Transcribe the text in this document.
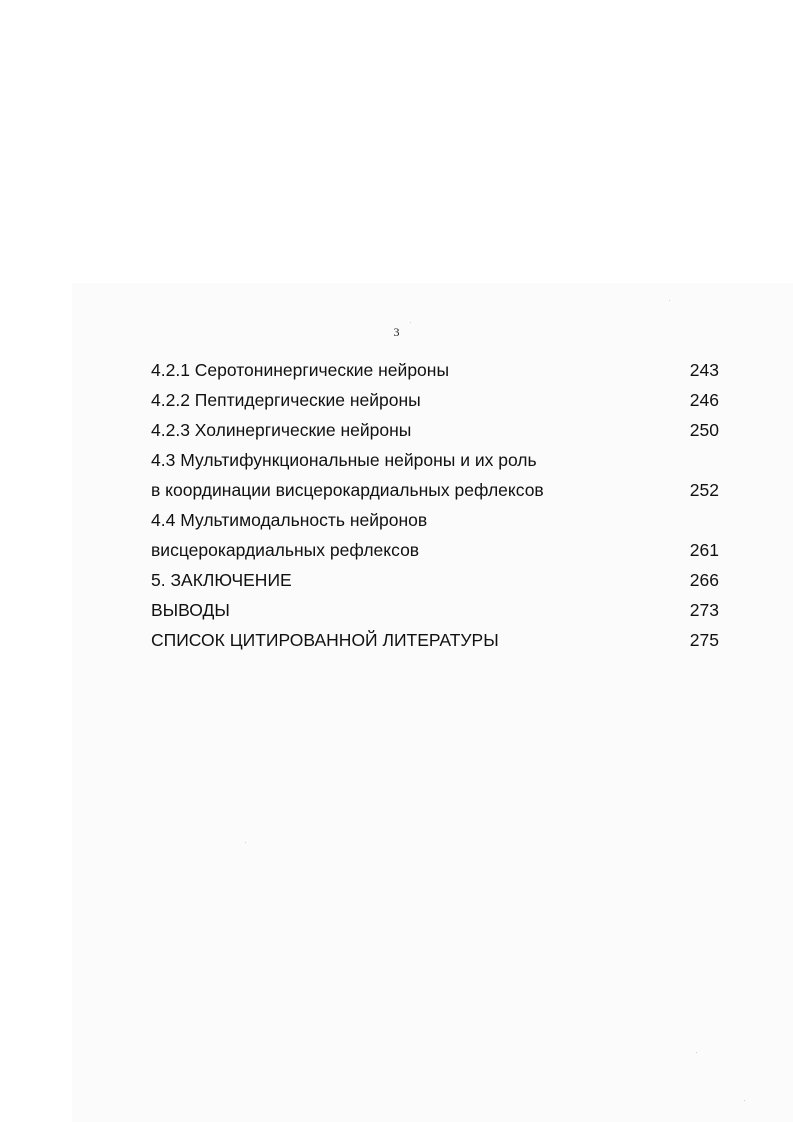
3
4.2.1 Серотонинергические нейроны	243
4.2.2 Пептидергические нейроны	246
4.2.3 Холинергические нейроны	250
4.3 Мультифункциональные нейроны и их роль
в координации висцерокардиальных рефлексов	252
4.4 Мультимодальность нейронов
висцерокардиальных рефлексов	261
5. ЗАКЛЮЧЕНИЕ	266
ВЫВОДЫ	273
СПИСОК ЦИТИРОВАННОЙ ЛИТЕРАТУРЫ	275
